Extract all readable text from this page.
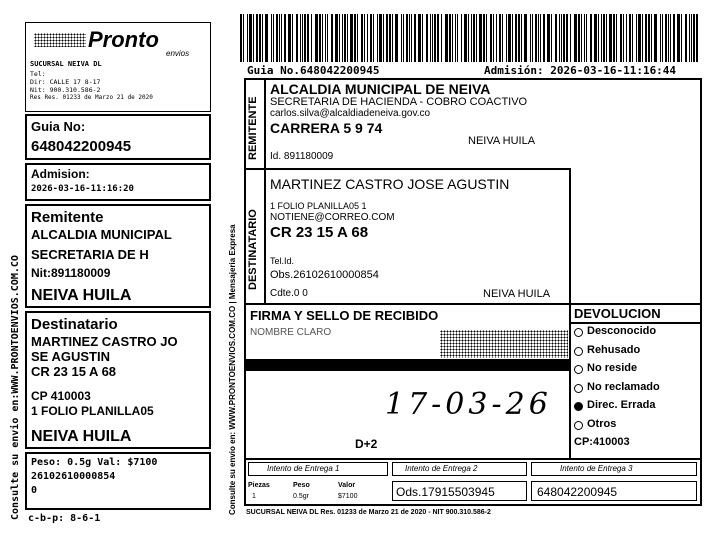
Consulte su envio en:WWW.PRONTOENVIOS.COM.CO
Pronto
envios
SUCURSAL NEIVA DL
Tel:
Dir: CALLE 17 8-17
Nit: 900.310.586-2
Res Res. 01233 de Marzo 21 de 2020
Guia No:
648042200945
Admision:
2026-03-16-11:16:20
Remitente
ALCALDIA MUNICIPAL
SECRETARIA DE H
Nit:891180009
NEIVA HUILA
Destinatario
MARTINEZ CASTRO JO
SE AGUSTIN
CR 23 15 A 68
CP 410003
1 FOLIO PLANILLA05
NEIVA HUILA
Peso: 0.5g Val: $7100
26102610000854
0
c-b-p: 8-6-1
Guia No.648042200945	Admisión: 2026-03-16-11:16:44
Consulte su envio en: WWW.PRONTOENVIOS.COM.CO | Mensajeria Expresa
REMITENTE
ALCALDIA MUNICIPAL DE NEIVA
SECRETARIA DE HACIENDA - COBRO COACTIVO
carlos.silva@alcaldiadeneiva.gov.co
CARRERA 5 9 74
NEIVA HUILA
Id. 891180009
DESTINATARIO
MARTINEZ CASTRO JOSE AGUSTIN
1 FOLIO PLANILLA05 1
NOTIENE@CORREO.COM
CR 23 15 A 68
Tel.Id.
Obs.26102610000854
Cdte.0 0	NEIVA HUILA
FIRMA Y SELLO DE RECIBIDO
NOMBRE CLARO
17-03-26
D+2
DEVOLUCION
Desconocido
Rehusado
No reside
No reclamado
Direc. Errada
Otros
CP:410003
Intento de Entrega 1	Intento de Entrega 2	Intento de Entrega 3
Piezas	Peso	Valor
1	0.5gr	$7100	Ods.17915503945	648042200945
SUCURSAL NEIVA DL Res. 01233 de Marzo 21 de 2020 - NIT 900.310.586-2
